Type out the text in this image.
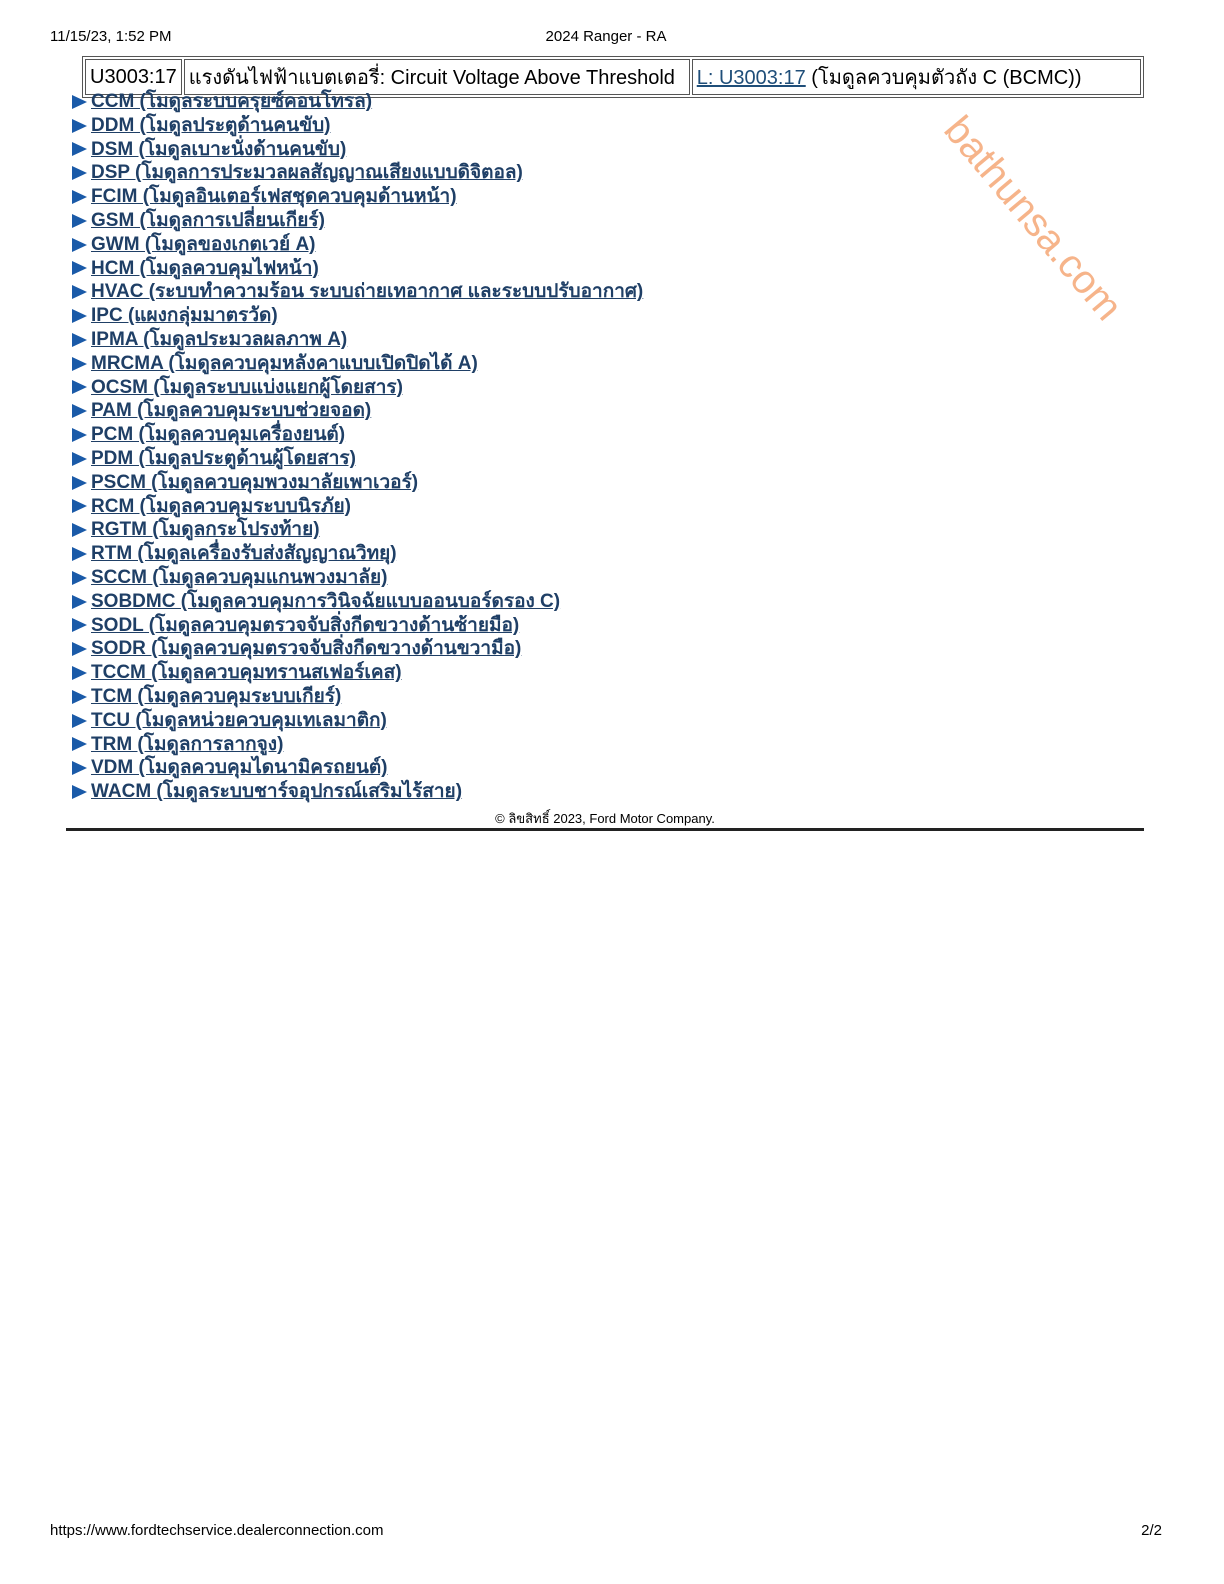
11/15/23, 1:52 PM	2024 Ranger - RA
U3003:17	แรงดันไฟฟ้าแบตเตอรี่: Circuit Voltage Above Threshold	L: U3003:17 (โมดูลควบคุมตัวถัง C (BCMC))
CCM (โมดูลระบบครุยซ์คอนโทรล)
DDM (โมดูลประตูด้านคนขับ)
DSM (โมดูลเบาะนั่งด้านคนขับ)
DSP (โมดูลการประมวลผลสัญญาณเสียงแบบดิจิตอล)
FCIM (โมดูลอินเตอร์เฟสชุดควบคุมด้านหน้า)
GSM (โมดูลการเปลี่ยนเกียร์)
GWM (โมดูลของเกตเวย์ A)
HCM (โมดูลควบคุมไฟหน้า)
HVAC (ระบบทำความร้อน ระบบถ่ายเทอากาศ และระบบปรับอากาศ)
IPC (แผงกลุ่มมาตรวัด)
IPMA (โมดูลประมวลผลภาพ A)
MRCMA (โมดูลควบคุมหลังคาแบบเปิดปิดได้ A)
OCSM (โมดูลระบบแบ่งแยกผู้โดยสาร)
PAM (โมดูลควบคุมระบบช่วยจอด)
PCM (โมดูลควบคุมเครื่องยนต์)
PDM (โมดูลประตูด้านผู้โดยสาร)
PSCM (โมดูลควบคุมพวงมาลัยเพาเวอร์)
RCM (โมดูลควบคุมระบบนิรภัย)
RGTM (โมดูลกระโปรงท้าย)
RTM (โมดูลเครื่องรับส่งสัญญาณวิทยุ)
SCCM (โมดูลควบคุมแกนพวงมาลัย)
SOBDMC (โมดูลควบคุมการวินิจฉัยแบบออนบอร์ดรอง C)
SODL (โมดูลควบคุมตรวจจับสิ่งกีดขวางด้านซ้ายมือ)
SODR (โมดูลควบคุมตรวจจับสิ่งกีดขวางด้านขวามือ)
TCCM (โมดูลควบคุมทรานสเฟอร์เคส)
TCM (โมดูลควบคุมระบบเกียร์)
TCU (โมดูลหน่วยควบคุมเทเลมาติก)
TRM (โมดูลการลากจูง)
VDM (โมดูลควบคุมไดนามิครถยนต์)
WACM (โมดูลระบบชาร์จอุปกรณ์เสริมไร้สาย)
© ลิขสิทธิ์ 2023, Ford Motor Company.
bathunsa.com
https://www.fordtechservice.dealerconnection.com	2/2
